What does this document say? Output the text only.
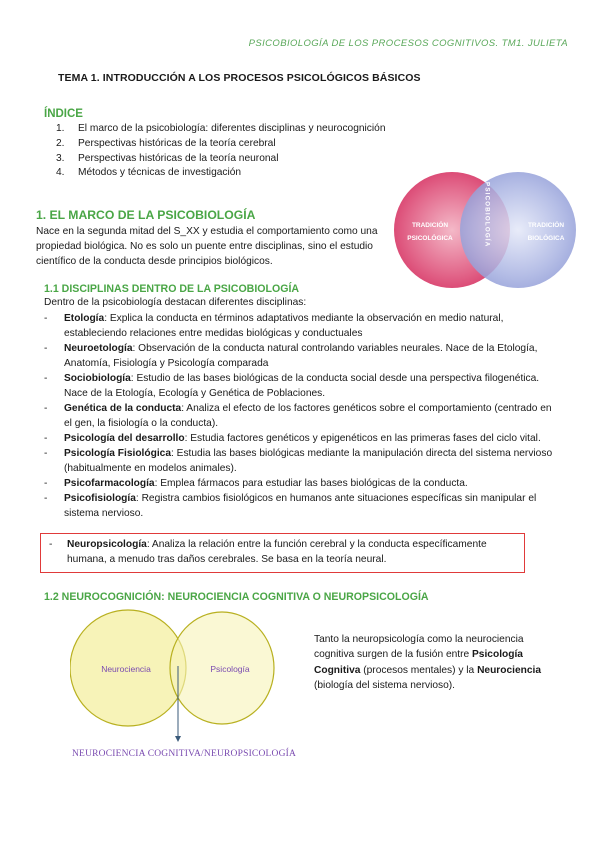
PSICOBIOLOGÍA DE LOS PROCESOS COGNITIVOS. TM1. JULIETA
TEMA 1. INTRODUCCIÓN A LOS PROCESOS PSICOLÓGICOS BÁSICOS
ÍNDICE
1. El marco de la psicobiología: diferentes disciplinas y neurocognición
2. Perspectivas históricas de la teoría cerebral
3. Perspectivas históricas de la teoría neuronal
4. Métodos y técnicas de investigación
1. EL MARCO DE LA PSICOBIOLOGÍA
Nace en la segunda mitad del S_XX y estudia el comportamiento como una propiedad biológica. No es solo un puente entre disciplinas, sino el estudio científico de la conducta desde principios biológicos.
TRADICIÓN
PSICOLÓGICA
TRADICIÓN
BIOLÓGICA
PSICOBIOLOGÍA
1.1 DISCIPLINAS DENTRO DE LA PSICOBIOLOGÍA
Dentro de la psicobiología destacan diferentes disciplinas:
- Etología: Explica la conducta en términos adaptativos mediante la observación en medio natural, estableciendo relaciones entre medidas biológicas y conductuales
- Neuroetología: Observación de la conducta natural controlando variables neurales. Nace de la Etología, Anatomía, Fisiología y Psicología comparada
- Sociobiología: Estudio de las bases biológicas de la conducta social desde una perspectiva filogenética. Nace de la Etología, Ecología y Genética de Poblaciones.
- Genética de la conducta: Analiza el efecto de los factores genéticos sobre el comportamiento (centrado en el gen, la fisiología o la conducta).
- Psicología del desarrollo: Estudia factores genéticos y epigenéticos en las primeras fases del ciclo vital.
- Psicología Fisiológica: Estudia las bases biológicas mediante la manipulación directa del sistema nervioso (habitualmente en modelos animales).
- Psicofarmacología: Emplea fármacos para estudiar las bases biológicas de la conducta.
- Psicofisiología: Registra cambios fisiológicos en humanos ante situaciones específicas sin manipular el sistema nervioso.
- Neuropsicología: Analiza la relación entre la función cerebral y la conducta específicamente humana, a menudo tras daños cerebrales. Se basa en la teoría neural.
1.2 NEUROCOGNICIÓN: NEUROCIENCIA COGNITIVA O NEUROPSICOLOGÍA
Neurociencia	Psicología
NEUROCIENCIA COGNITIVA/NEUROPSICOLOGÍA
Tanto la neuropsicología como la neurociencia cognitiva surgen de la fusión entre Psicología Cognitiva (procesos mentales) y la Neurociencia (biología del sistema nervioso).
